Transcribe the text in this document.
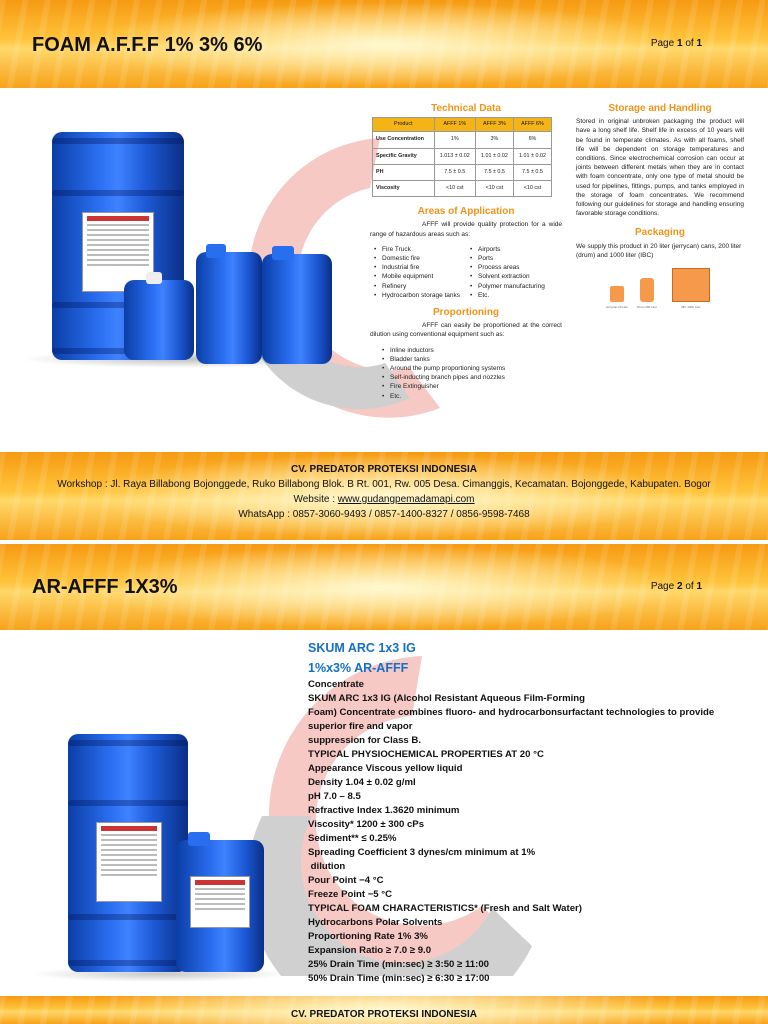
FOAM A.F.F.F 1% 3% 6%	Page 1 of 1
Technical Data
Product	AFFF 1%	AFFF 3%	AFFF 6%
Use Concentration	1%	3%	6%
Specific Gravity	1.013 ± 0.02	1.01 ± 0.02	1.01 ± 0.02
PH	7.5 ± 0.5	7.5 ± 0.5	7.5 ± 0.5
Viscosity	<10 cst	<10 cst	<10 cst
Areas of Application
AFFF will provide quality protection for a wide range of hazardous areas such as:
• Fire Truck
• Domestic fire
• Industrial fire
• Mobile equipment
• Refinery
• Hydrocarbon storage tanks
• Airports
• Ports
• Process areas
• Solvent extraction
• Polymer manufacturing
• Etc.
Proportioning
AFFF can easily be proportioned at the correct dilution using conventional equipment such as:
• Inline inductors
• Bladder tanks
• Around the pump proportioning systems
• Self-inducting branch pipes and nozzles
• Fire Extinguisher
• Etc.
Storage and Handling
Stored in original unbroken packaging the product will have a long shelf life. Shelf life in excess of 10 years will be found in temperate climates. As with all foams, shelf life will be dependent on storage temperatures and conditions. Since electrochemical corrosion can occur at joints between different metals when they are in contact with foam concentrate, only one type of metal should be used for pipelines, fittings, pumps, and tanks employed in the storage of foam concentrates. We recommend following our guidelines for storage and handling ensuring favorable storage conditions.
Packaging
We supply this product in 20 liter (jerrycan) cans, 200 liter (drum) and 1000 liter (IBC)
Jerrycan 20 Liter	Drum 200 Liter	IBC 1000 Liter
CV. PREDATOR PROTEKSI INDONESIA
Workshop : Jl. Raya Billabong Bojonggede, Ruko Billabong Blok. B Rt. 001, Rw. 005 Desa. Cimanggis, Kecamatan. Bojonggede, Kabupaten. Bogor
Website : www.gudangpemadamapi.com
WhatsApp : 0857-3060-9493 / 0857-1400-8327 / 0856-9598-7468
AR-AFFF 1X3%	Page 2 of 1
SKUM ARC 1x3 IG
1%x3% AR-AFFF
Concentrate
SKUM ARC 1x3 IG (Alcohol Resistant Aqueous Film-Forming
Foam) Concentrate combines fluoro- and hydrocarbonsurfactant technologies to provide superior fire and vapor
suppression for Class B.
TYPICAL PHYSIOCHEMICAL PROPERTIES AT 20 °C
Appearance Viscous yellow liquid
Density 1.04 ± 0.02 g/ml
pH 7.0 – 8.5
Refractive Index 1.3620 minimum
Viscosity* 1200 ± 300 cPs
Sediment** ≤ 0.25%
Spreading Coefficient 3 dynes/cm minimum at 1%
dilution
Pour Point −4 °C
Freeze Point −5 °C
TYPICAL FOAM CHARACTERISTICS* (Fresh and Salt Water)
Hydrocarbons Polar Solvents
Proportioning Rate 1% 3%
Expansion Ratio ≥ 7.0 ≥ 9.0
25% Drain Time (min:sec) ≥ 3:50 ≥ 11:00
50% Drain Time (min:sec) ≥ 6:30 ≥ 17:00
CV. PREDATOR PROTEKSI INDONESIA
